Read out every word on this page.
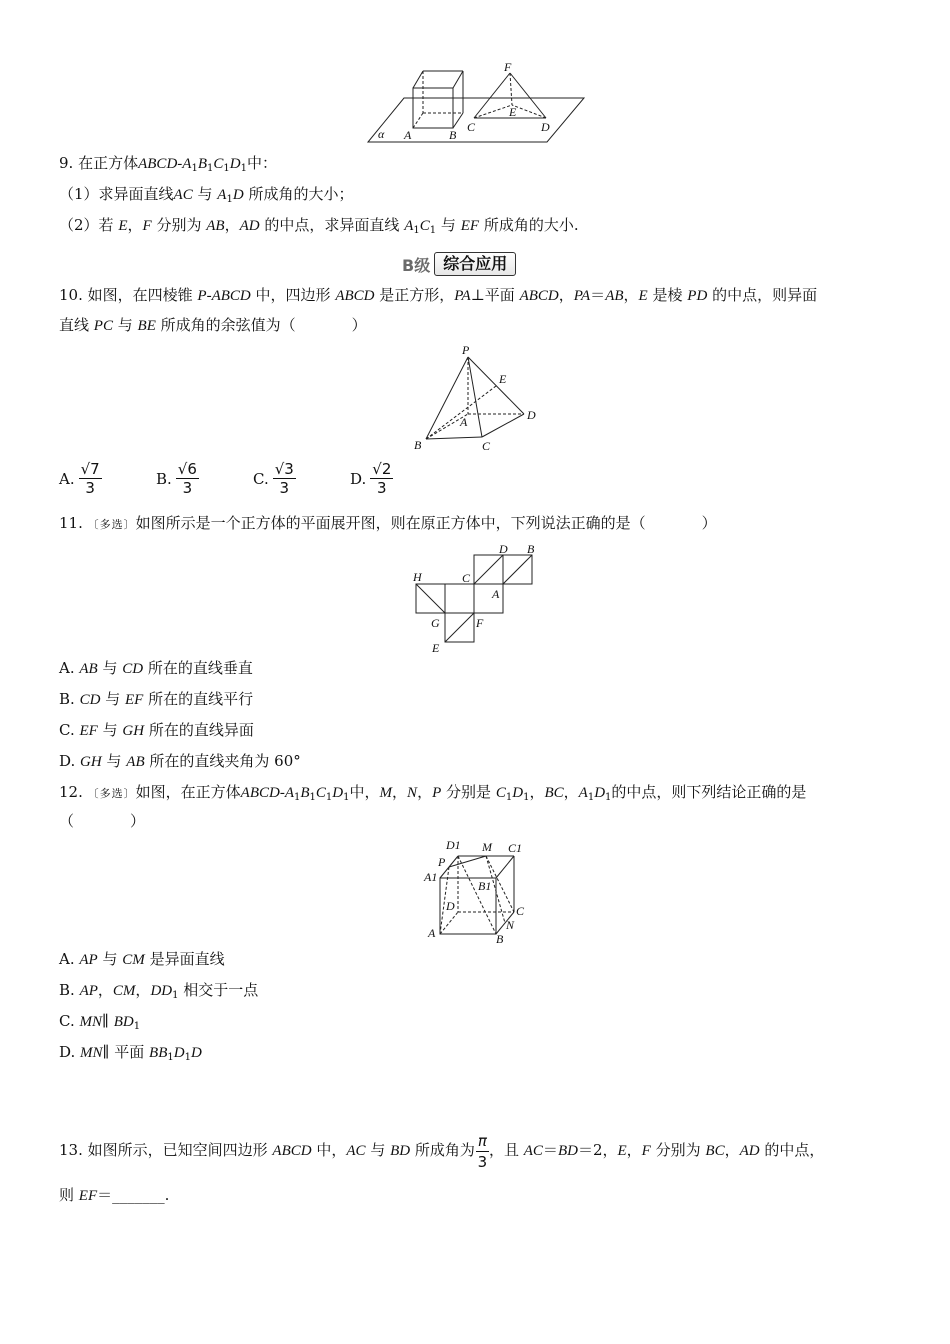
F
E
A	B
C	D
α
9. 在正方体ABCD-$A_1B_1C_1D_1$中：
（1）求异面直线AC 与 $A_1D$ 所成角的大小；
（2）若 E，F 分别为 AB，AD 的中点，求异面直线 $A_1C_1$ 与 EF 所成角的大小.
B级 综合应用
10. 如图，在四棱锥 P-ABCD 中，四边形 ABCD 是正方形，PA⊥平面 ABCD，PA＝AB，E 是棱 PD 的中点，则异面
直线 PC 与 BE 所成角的余弦值为（	）
P
E
A	D
B	C
A. $\frac{√7}{3}$	B. $\frac{√6}{3}$	C. $\frac{√3}{3}$	D. $\frac{√2}{3}$
11. 〔多选〕如图所示是一个正方体的平面展开图，则在原正方体中，下列说法正确的是（	）
D B
H	C
A
G	F
E
A. AB 与 CD 所在的直线垂直
B. CD 与 EF 所在的直线平行
C. EF 与 GH 所在的直线异面
D. GH 与 AB 所在的直线夹角为 60°
12. 〔多选〕如图，在正方体ABCD-$A_1B_1C_1D_1$中，M，N，P 分别是 $C_1D_1$，BC，$A_1D_1$的中点，则下列结论正确的是
（	）
D1 M C1
P
A1
B1
D	C
N
A	B
A. AP 与 CM 是异面直线
B. AP，CM，$DD_1$ 相交于一点
C. MN∥ $BD_1$
D. MN∥ 平面 $BB_1D_1D$
13. 如图所示，已知空间四边形 ABCD 中，AC 与 BD 所成角为 $\frac{\pi}{3}$ ，且 AC＝BD＝2，E，F 分别为 BC，AD 的中点，
则 EF＝_______.
